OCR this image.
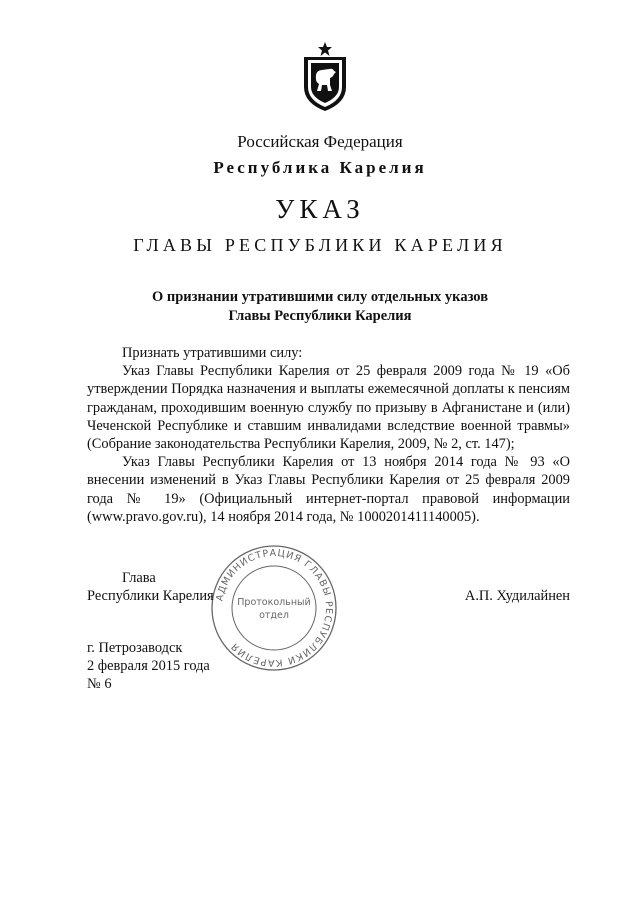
Российская Федерация
Республика Карелия
УКАЗ
ГЛАВЫ РЕСПУБЛИКИ КАРЕЛИЯ
О признании утратившими силу отдельных указов
Главы Республики Карелия

Признать утратившими силу:

Указ Главы Республики Карелия от 25 февраля 2009 года № 19 «Об утверждении Порядка назначения и выплаты ежемесячной доплаты к пенсиям гражданам, проходившим военную службу по призыву в Афганистане и (или) Чеченской Республике и ставшим инвалидами вследствие военной травмы» (Собрание законодательства Республики Карелия, 2009, № 2, ст. 147);

Указ Главы Республики Карелия от 13 ноября 2014 года № 93 «О внесении изменений в Указ Главы Республики Карелия от 25 февраля 2009 года № 19» (Официальный интернет-портал правовой информации (www.pravo.gov.ru), 14 ноября 2014 года, № 1000201411140005).

АДМИНИСТРАЦИЯ ГЛАВЫ РЕСПУБЛИКИ КАРЕЛИЯ
Протокольный
отдел
Глава
Республики Карелия	А.П. Худилайнен
г. Петрозаводск
2 февраля 2015 года
№ 6
